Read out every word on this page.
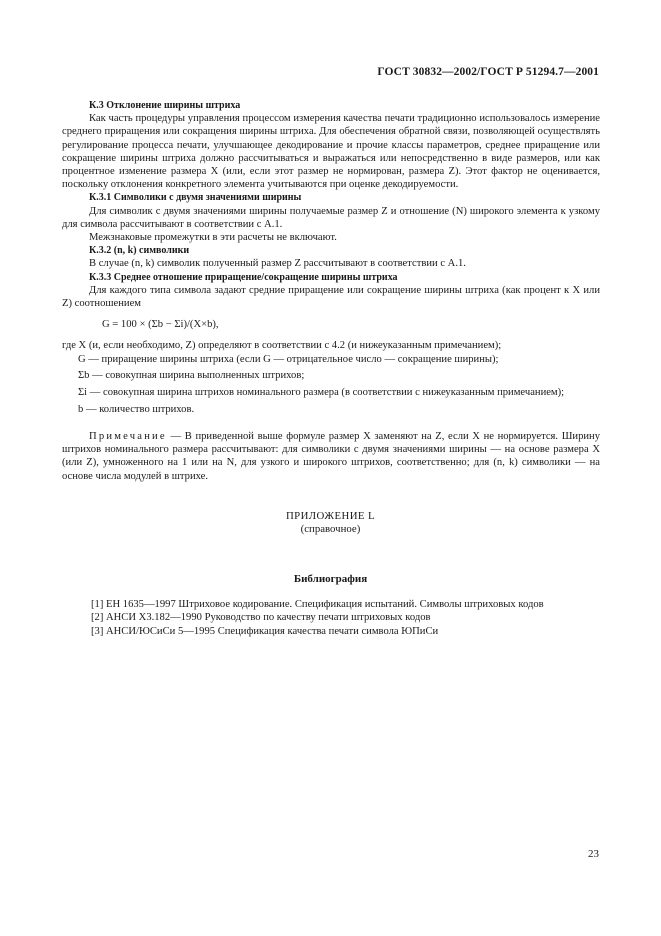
ГОСТ 30832—2002/ГОСТ Р 51294.7—2001

К.3 Отклонение ширины штриха

Как часть процедуры управления процессом измерения качества печати традиционно использовалось измерение среднего приращения или сокращения ширины штриха. Для обеспечения обратной связи, позволяющей осуществлять регулирование процесса печати, улучшающее декодирование и прочие классы параметров, среднее приращение или сокращение ширины штриха должно рассчитываться и выражаться или непосредственно в виде размеров, или как процентное изменение размера X (или, если этот размер не нормирован, размера Z). Этот фактор не оценивается, поскольку отклонения конкретного элемента учитываются при оценке декодируемости.

К.3.1 Символики с двумя значениями ширины

Для символик с двумя значениями ширины получаемые размер Z и отношение (N) широкого элемента к узкому для символа рассчитывают в соответствии с А.1.

Межзнаковые промежутки в эти расчеты не включают.

К.3.2 (n, k) символики

В случае (n, k) символик полученный размер Z рассчитывают в соответствии с А.1.

К.3.3 Среднее отношение приращение/сокращение ширины штриха

Для каждого типа символа задают средние приращение или сокращение ширины штриха (как процент к X или Z) соотношением

G = 100 × (Σb − Σi)/(X×b),

где X (и, если необходимо, Z) определяют в соответствии с 4.2 (и нижеуказанным примечанием);

G — приращение ширины штриха (если G — отрицательное число — сокращение ширины);
Σb — совокупная ширина выполненных штрихов;
Σi — совокупная ширина штрихов номинального размера (в соответствии с нижеуказанным примечанием);
b — количество штрихов.

Примечание — В приведенной выше формуле размер X заменяют на Z, если X не нормируется. Ширину штрихов номинального размера рассчитывают: для символики с двумя значениями ширины — на основе размера X (или Z), умноженного на 1 или на N, для узкого и широкого штрихов, соответственно; для (n, k) символики — на основе числа модулей в штрихе.

ПРИЛОЖЕНИЕ L
(справочное)
Библиография
[1] ЕН 1635—1997 Штриховое кодирование. Спецификация испытаний. Символы штриховых кодов
[2] АНСИ Х3.182—1990 Руководство по качеству печати штриховых кодов
[3] АНСИ/ЮСиСи 5—1995 Спецификация качества печати символа ЮПиСи
23
